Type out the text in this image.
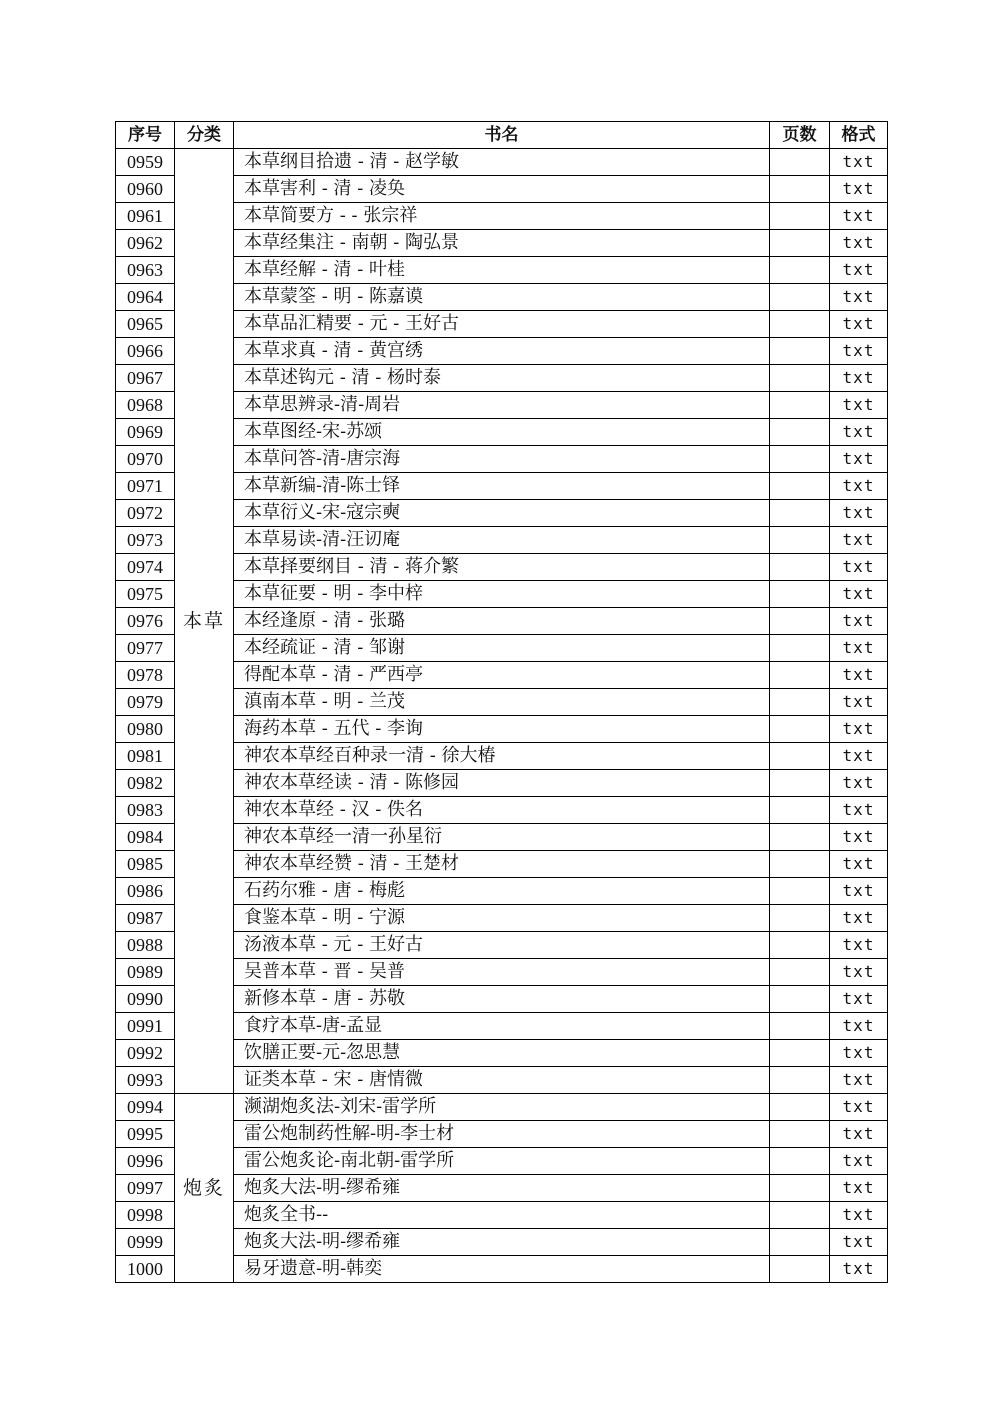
序号	分类	书名	页数	格式
0959	本草	本草纲目拾遗 - 清 - 赵学敏		txt
0960		本草害利 - 清 - 凌奂		txt
0961		本草简要方 - - 张宗祥		txt
0962		本草经集注 - 南朝 - 陶弘景		txt
0963		本草经解 - 清 - 叶桂		txt
0964		本草蒙筌 - 明 - 陈嘉谟		txt
0965		本草品汇精要 - 元 - 王好古		txt
0966		本草求真 - 清 - 黄宫绣		txt
0967		本草述钩元 - 清 - 杨时泰		txt
0968		本草思辨录-清-周岩		txt
0969		本草图经-宋-苏颂		txt
0970		本草问答-清-唐宗海		txt
0971		本草新编-清-陈士铎		txt
0972		本草衍义-宋-寇宗奭		txt
0973		本草易读-清-汪讱庵		txt
0974		本草择要纲目 - 清 - 蒋介繁		txt
0975		本草征要 - 明 - 李中梓		txt
0976		本经逢原 - 清 - 张璐		txt
0977		本经疏证 - 清 - 邹谢		txt
0978		得配本草 - 清 - 严西亭		txt
0979		滇南本草 - 明 - 兰茂		txt
0980		海药本草 - 五代 - 李询		txt
0981		神农本草经百种录一清 - 徐大椿		txt
0982		神农本草经读 - 清 - 陈修园		txt
0983		神农本草经 - 汉 - 佚名		txt
0984		神农本草经一清一孙星衍		txt
0985		神农本草经赞 - 清 - 王楚材		txt
0986		石药尔雅 - 唐 - 梅彪		txt
0987		食鉴本草 - 明 - 宁源		txt
0988		汤液本草 - 元 - 王好古		txt
0989		吴普本草 - 晋 - 吴普		txt
0990		新修本草 - 唐 - 苏敬		txt
0991		食疗本草-唐-孟显		txt
0992		饮膳正要-元-忽思慧		txt
0993		证类本草 - 宋 - 唐情微		txt
0994	炮炙	濒湖炮炙法-刘宋-雷学所		txt
0995		雷公炮制药性解-明-李士材		txt
0996		雷公炮炙论-南北朝-雷学所		txt
0997		炮炙大法-明-缪希雍		txt
0998		炮炙全书--		txt
0999		炮炙大法-明-缪希雍		txt
1000		易牙遗意-明-韩奕		txt
